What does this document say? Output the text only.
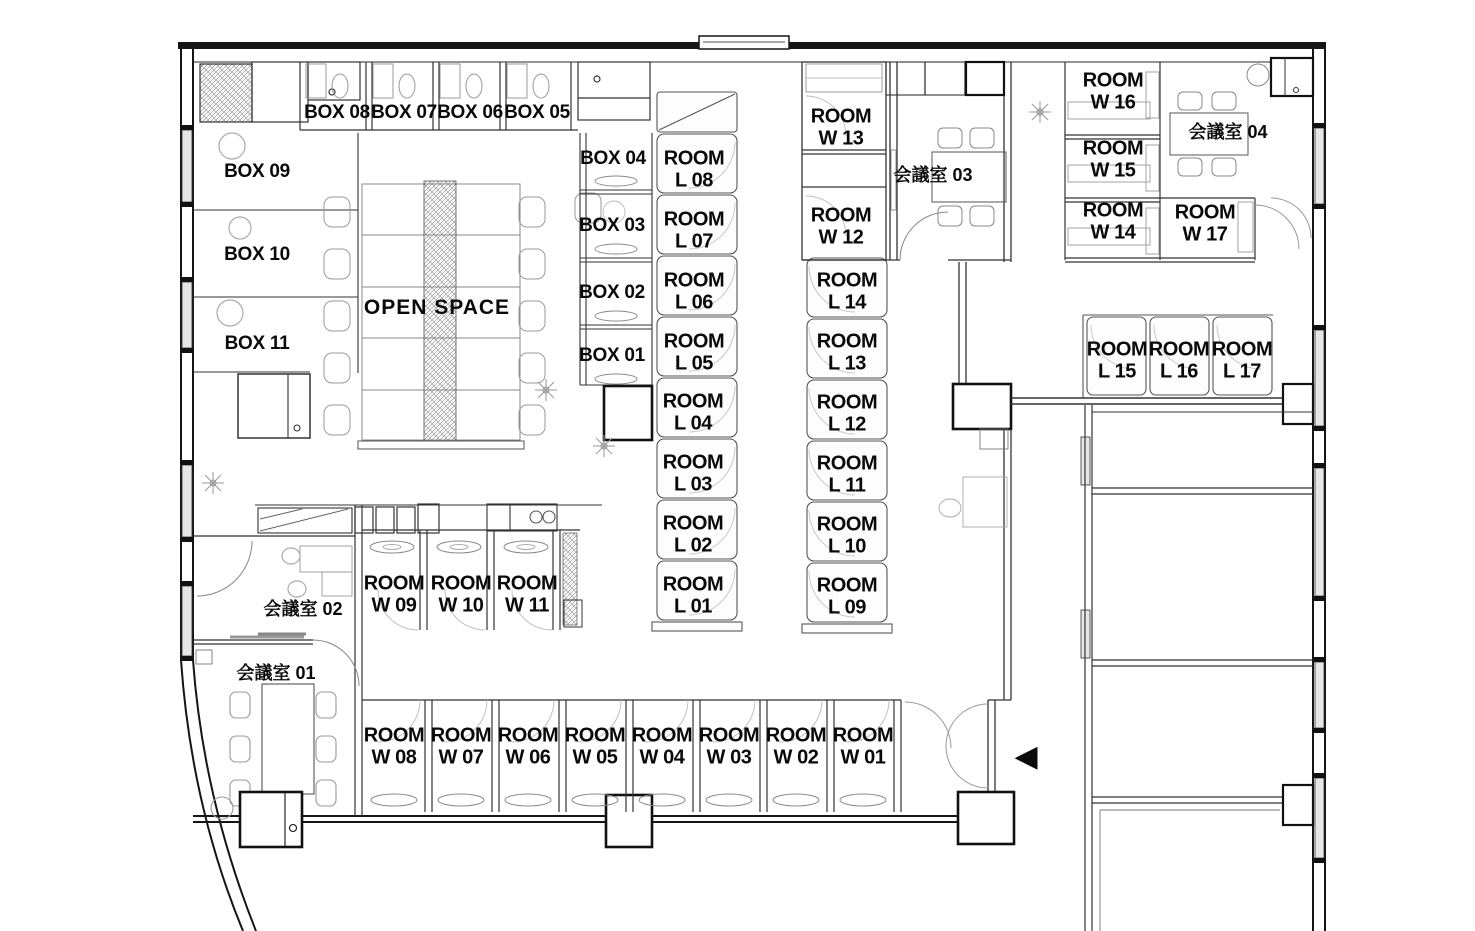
BOX 08 BOX 07 BOX 06 BOX 05
BOX 09
BOX 10
BOX 11
BOX 04
BOX 03
BOX 02
BOX 01
OPEN SPACE
会議室 01
会議室 02
会議室 03
会議室 04
ROOM
L 08
ROOM
L 07
ROOM
L 06
ROOM
L 05
ROOM
L 04
ROOM
L 03
ROOM
L 02
ROOM
L 01
ROOM
L 14
ROOM
L 13
ROOM
L 12
ROOM
L 11
ROOM
L 10
ROOM
L 09
ROOM
L 15
ROOM
L 16
ROOM
L 17
ROOM
W 13
ROOM
W 12
ROOM
W 16
ROOM
W 15
ROOM
W 14
ROOM
W 17
ROOM
W 09
ROOM
W 10
ROOM
W 11
ROOM
W 08
ROOM
W 07
ROOM
W 06
ROOM
W 05
ROOM
W 04
ROOM
W 03
ROOM
W 02
ROOM
W 01	◀
